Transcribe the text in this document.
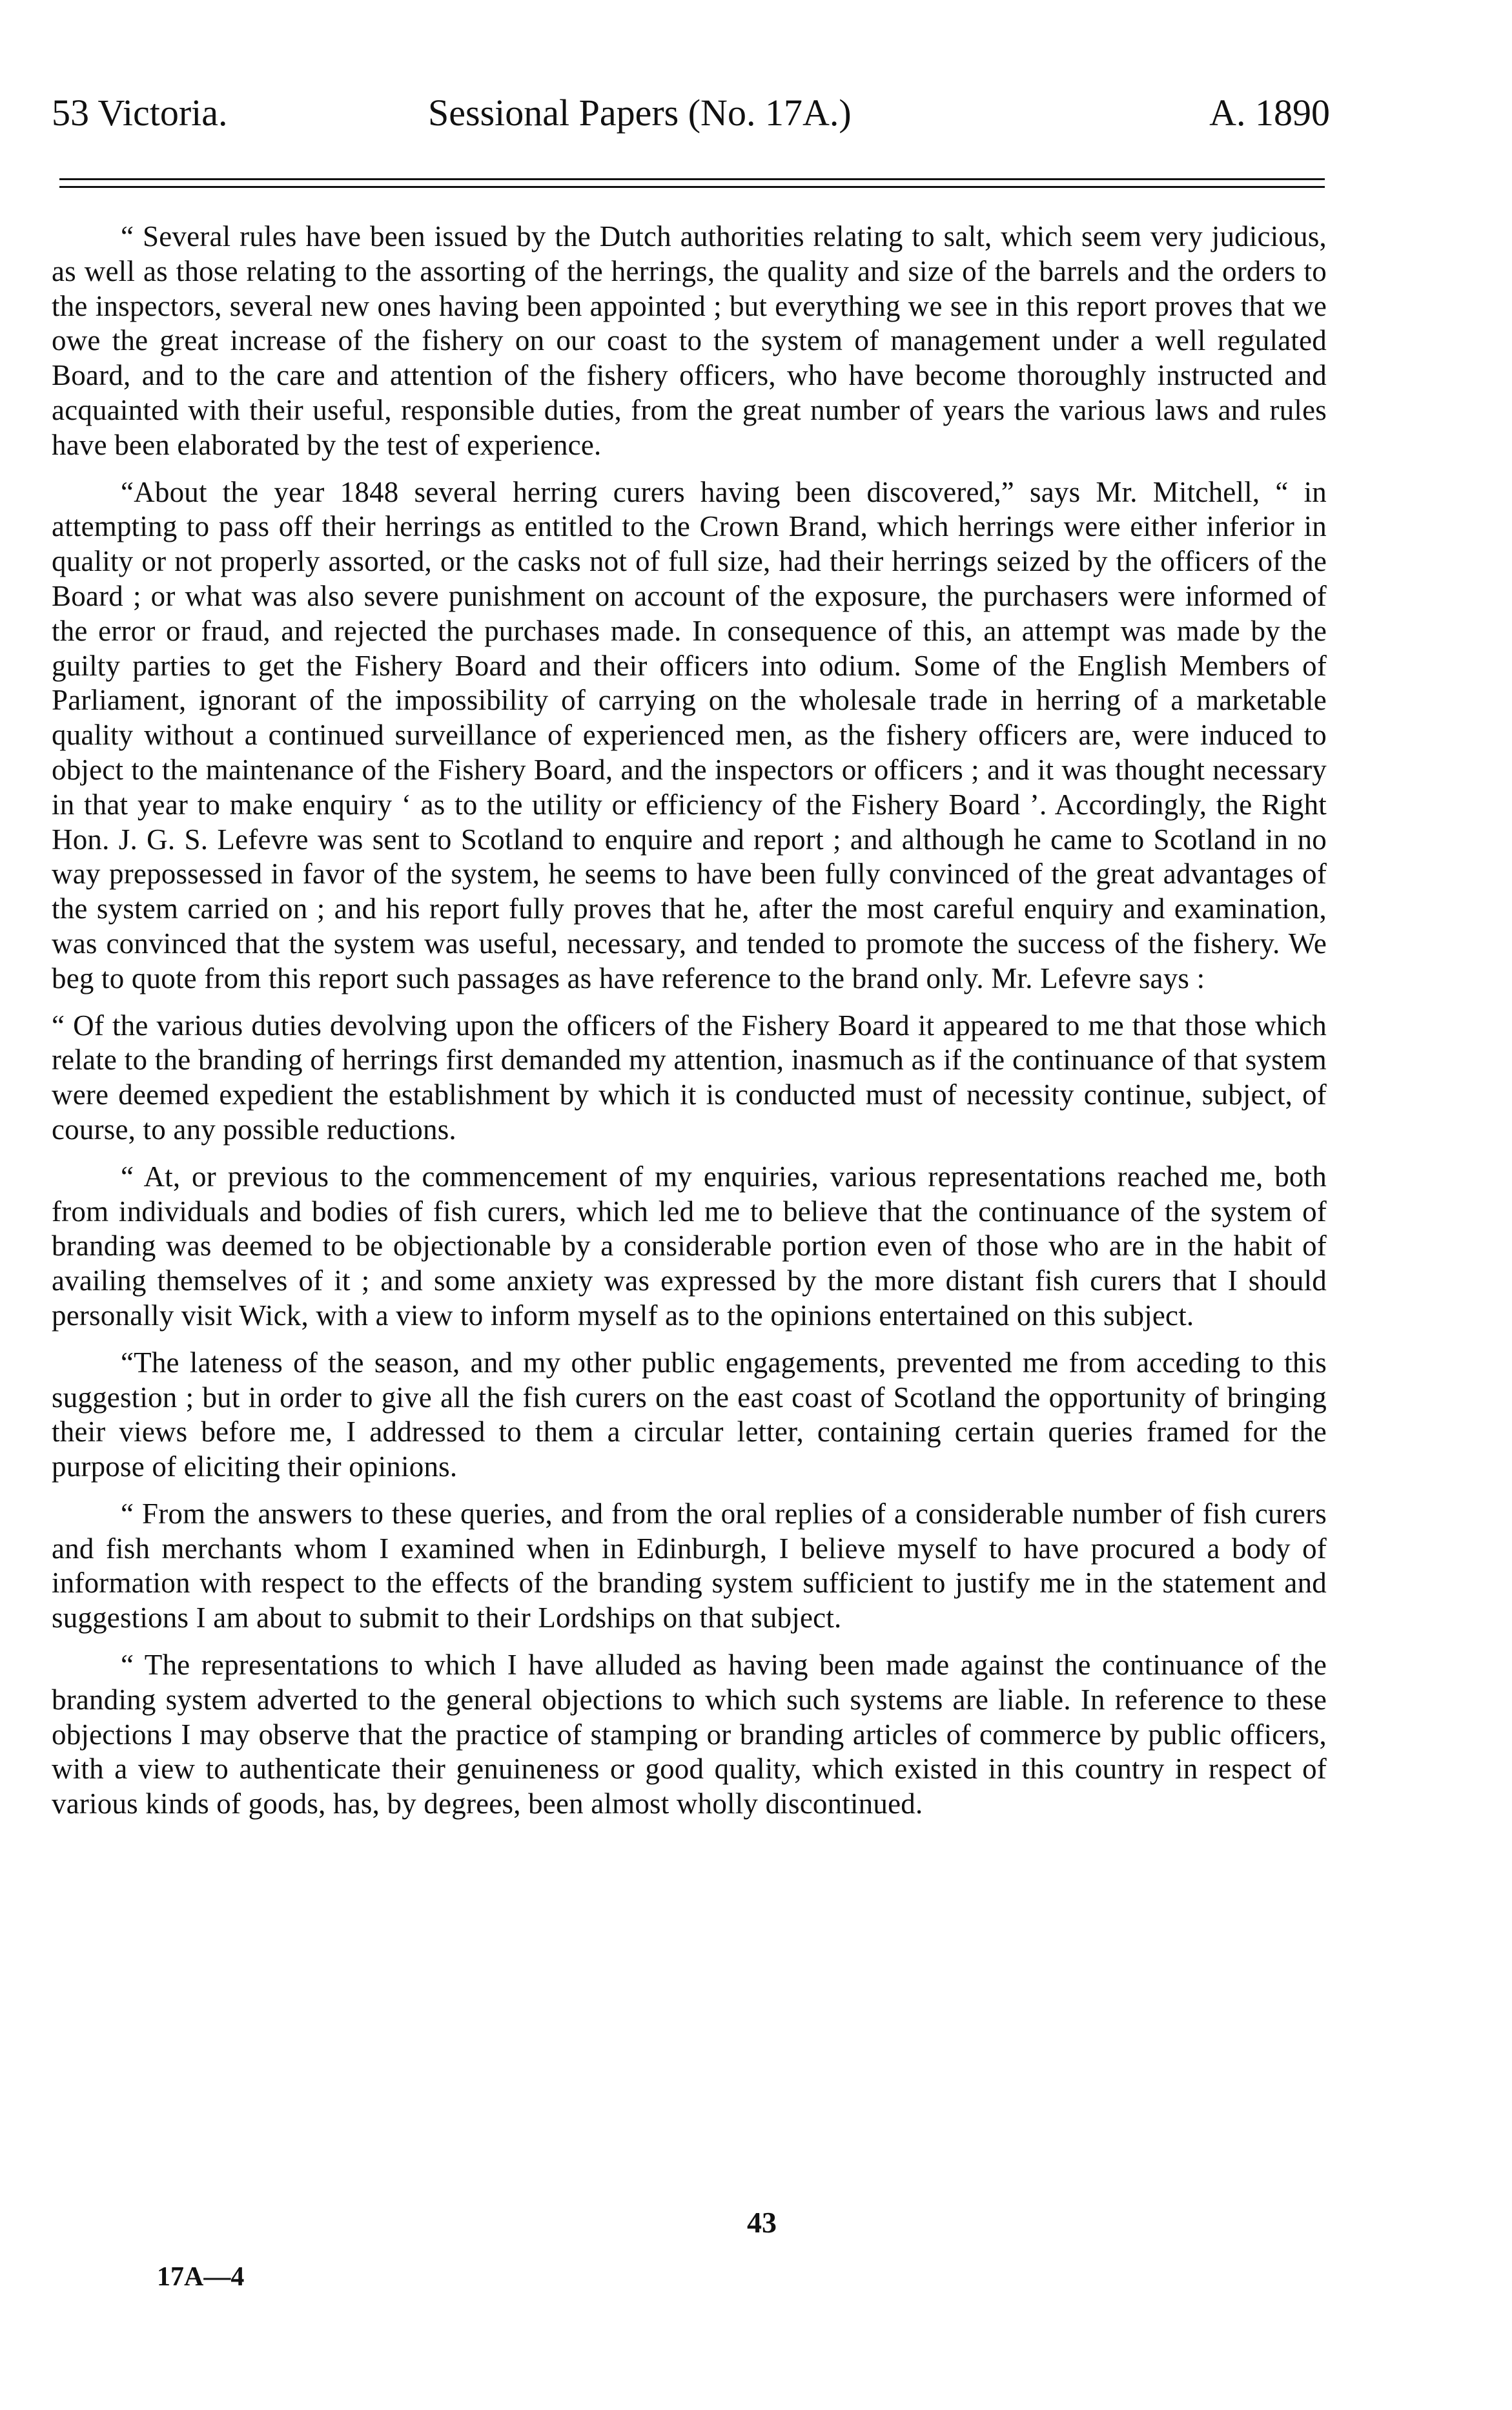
53 Victoria.	Sessional Papers (No. 17A.)	A. 1890

“ Several rules have been issued by the Dutch authorities relating to salt, which seem very judicious, as well as those relating to the assorting of the herrings, the quality and size of the barrels and the orders to the inspectors, several new ones having been appointed ; but everything we see in this report proves that we owe the great increase of the fishery on our coast to the system of management under a well regulated Board, and to the care and attention of the fishery officers, who have become thoroughly instructed and acquainted with their useful, responsible duties, from the great number of years the various laws and rules have been elaborated by the test of experience.

“About the year 1848 several herring curers having been discovered,” says Mr. Mitchell, “ in attempting to pass off their herrings as entitled to the Crown Brand, which herrings were either inferior in quality or not properly assorted, or the casks not of full size, had their herrings seized by the officers of the Board ; or what was also severe punishment on account of the exposure, the purchasers were informed of the error or fraud, and rejected the purchases made. In consequence of this, an attempt was made by the guilty parties to get the Fishery Board and their officers into odium. Some of the English Members of Parliament, ignorant of the impossibility of carrying on the wholesale trade in herring of a marketable quality without a continued surveillance of experienced men, as the fishery officers are, were induced to object to the maintenance of the Fishery Board, and the inspectors or officers ; and it was thought necessary in that year to make enquiry ‘ as to the utility or efficiency of the Fishery Board ’. Accordingly, the Right Hon. J. G. S. Lefevre was sent to Scotland to enquire and report ; and although he came to Scotland in no way prepossessed in favor of the system, he seems to have been fully convinced of the great advantages of the system carried on ; and his report fully proves that he, after the most careful enquiry and examination, was convinced that the system was useful, necessary, and tended to promote the success of the fishery. We beg to quote from this report such passages as have reference to the brand only. Mr. Lefevre says :

“ Of the various duties devolving upon the officers of the Fishery Board it appeared to me that those which relate to the branding of herrings first demanded my attention, inasmuch as if the continuance of that system were deemed expedient the establishment by which it is conducted must of necessity continue, subject, of course, to any possible reductions.

“ At, or previous to the commencement of my enquiries, various representations reached me, both from individuals and bodies of fish curers, which led me to believe that the continuance of the system of branding was deemed to be objectionable by a considerable portion even of those who are in the habit of availing themselves of it ; and some anxiety was expressed by the more distant fish curers that I should personally visit Wick, with a view to inform myself as to the opinions entertained on this subject.

“The lateness of the season, and my other public engagements, prevented me from acceding to this suggestion ; but in order to give all the fish curers on the east coast of Scotland the opportunity of bringing their views before me, I addressed to them a circular letter, containing certain queries framed for the purpose of eliciting their opinions.

“ From the answers to these queries, and from the oral replies of a considerable number of fish curers and fish merchants whom I examined when in Edinburgh, I believe myself to have procured a body of information with respect to the effects of the branding system sufficient to justify me in the statement and suggestions I am about to submit to their Lordships on that subject.

“ The representations to which I have alluded as having been made against the continuance of the branding system adverted to the general objections to which such systems are liable. In reference to these objections I may observe that the practice of stamping or branding articles of commerce by public officers, with a view to authenticate their genuineness or good quality, which existed in this country in respect of various kinds of goods, has, by degrees, been almost wholly discontinued.

43
17A—4
